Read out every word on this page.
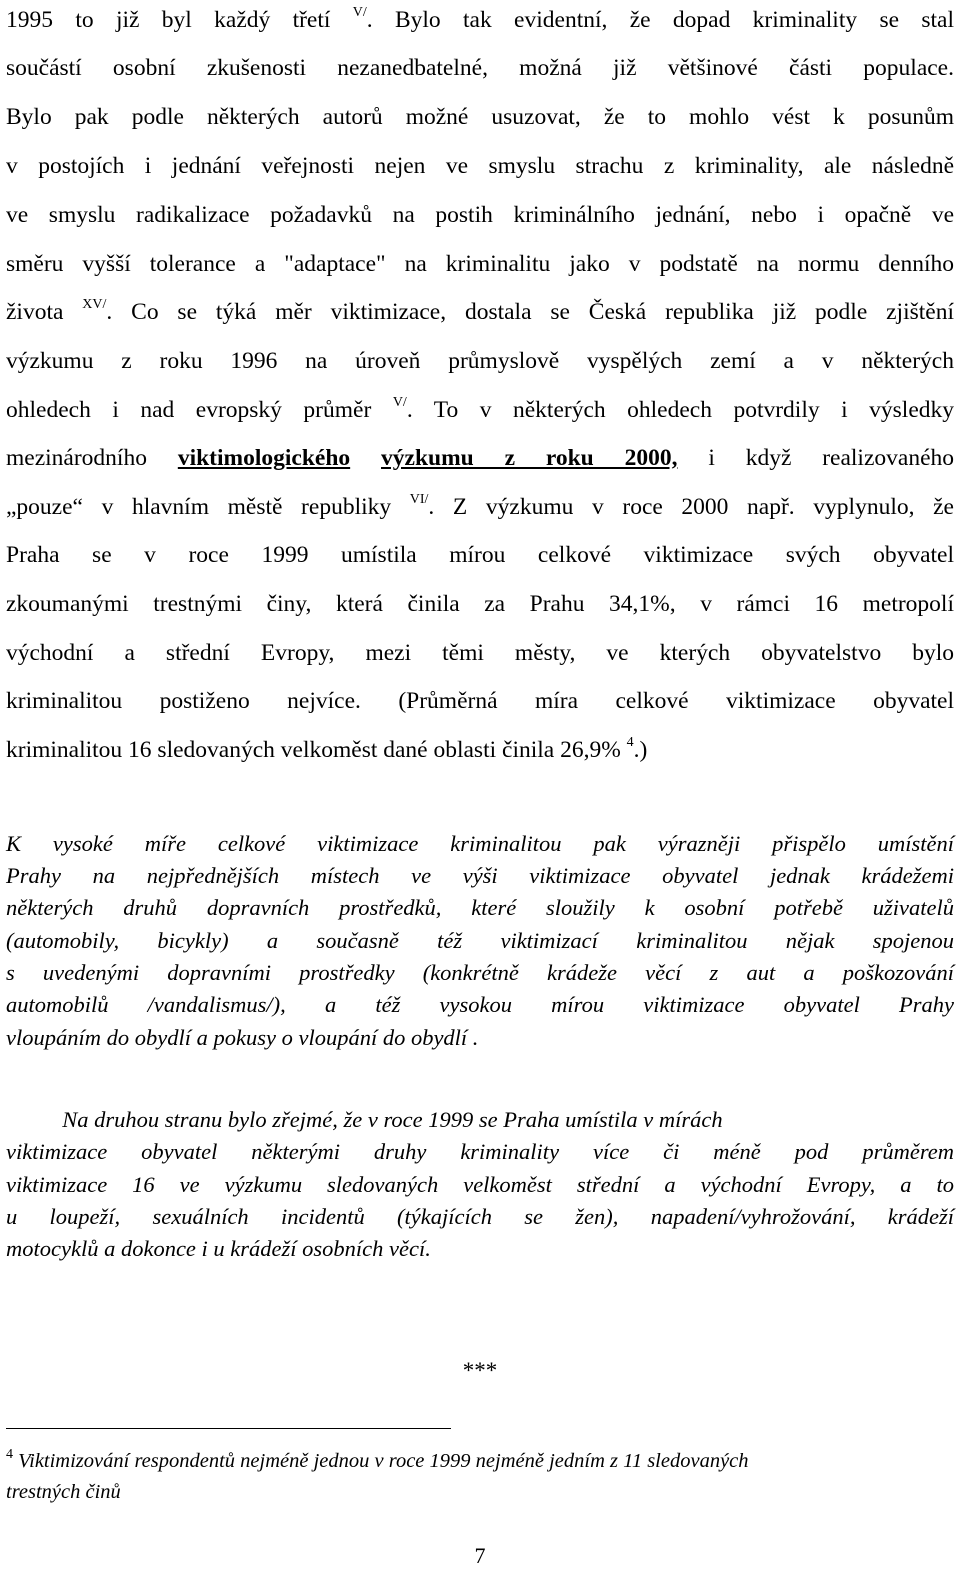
1995 to již byl každý třetí $^{V/}$. Bylo tak evidentní, že dopad kriminality se stal
součástí osobní zkušenosti nezanedbatelné, možná již většinové části populace.
Bylo pak podle některých autorů možné usuzovat, že to mohlo vést k posunům
v postojích i jednání veřejnosti nejen ve smyslu strachu z kriminality, ale následně
ve smyslu radikalizace požadavků na postih kriminálního jednání, nebo i opačně ve
směru vyšší tolerance a "adaptace" na kriminalitu jako v podstatě na normu denního
života $^{XV/}$. Co se týká měr viktimizace, dostala se Česká republika již podle zjištění
výzkumu z roku 1996 na úroveň průmyslově vyspělých zemí a v některých
ohledech i nad evropský průměr $^{V/}$. To v některých ohledech potvrdily i výsledky
mezinárodního viktimologického výzkumu z roku 2000, i když realizovaného
„pouze“ v hlavním městě republiky $^{VI/}$. Z výzkumu v roce 2000 např. vyplynulo, že
Praha se v roce 1999 umístila mírou celkové viktimizace svých obyvatel
zkoumanými trestnými činy, která činila za Prahu 34,1%, v rámci 16 metropolí
východní a střední Evropy, mezi těmi městy, ve kterých obyvatelstvo bylo
kriminalitou postiženo nejvíce. (Průměrná míra celkové viktimizace obyvatel
kriminalitou 16 sledovaných velkoměst dané oblasti činila 26,9% $^4$.)
K vysoké míře celkové viktimizace kriminalitou pak výrazněji přispělo umístění
Prahy na nejpřednějších místech ve výši viktimizace obyvatel jednak krádežemi
některých druhů dopravních prostředků, které sloužily k osobní potřebě uživatelů
(automobily, bicykly) a současně též viktimizací kriminalitou nějak spojenou
s uvedenými dopravními prostředky (konkrétně krádeže věcí z aut a poškozování
automobilů /vandalismus/), a též vysokou mírou viktimizace obyvatel Prahy
vloupáním do obydlí a pokusy o vloupání do obydlí .
Na druhou stranu bylo zřejmé, že v roce 1999 se Praha umístila v mírách
viktimizace obyvatel některými druhy kriminality více či méně pod průměrem
viktimizace 16 ve výzkumu sledovaných velkoměst střední a východní Evropy, a to
u loupeží, sexuálních incidentů (týkajících se žen), napadení/vyhrožování, krádeží
motocyklů a dokonce i u krádeží osobních věcí.
***
$^4$ Viktimizování respondentů nejméně jednou v roce 1999 nejméně jedním z 11 sledovaných
trestných činů
7
